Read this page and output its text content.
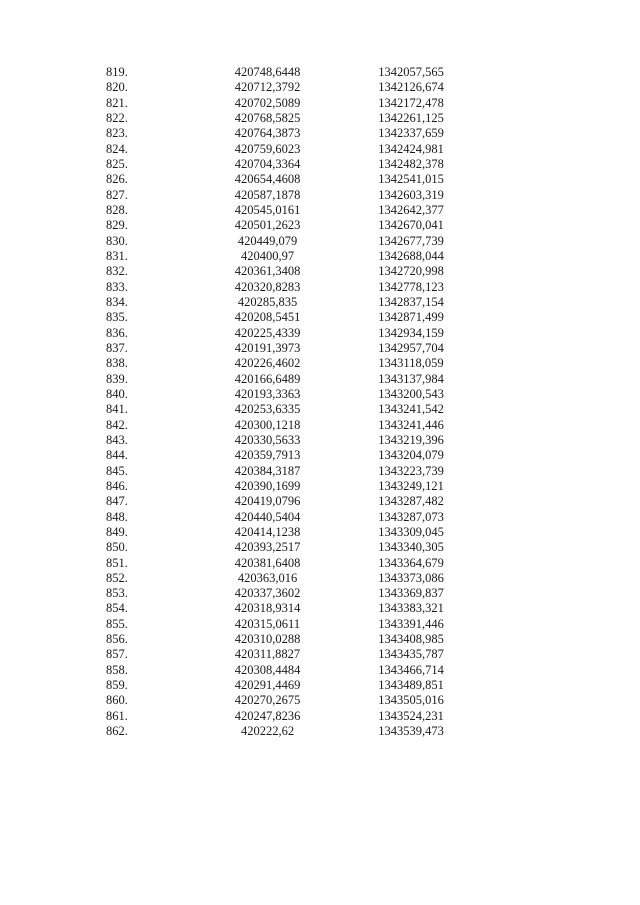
819.	420748,6448	1342057,565
820.	420712,3792	1342126,674
821.	420702,5089	1342172,478
822.	420768,5825	1342261,125
823.	420764,3873	1342337,659
824.	420759,6023	1342424,981
825.	420704,3364	1342482,378
826.	420654,4608	1342541,015
827.	420587,1878	1342603,319
828.	420545,0161	1342642,377
829.	420501,2623	1342670,041
830.	420449,079	1342677,739
831.	420400,97	1342688,044
832.	420361,3408	1342720,998
833.	420320,8283	1342778,123
834.	420285,835	1342837,154
835.	420208,5451	1342871,499
836.	420225,4339	1342934,159
837.	420191,3973	1342957,704
838.	420226,4602	1343118,059
839.	420166,6489	1343137,984
840.	420193,3363	1343200,543
841.	420253,6335	1343241,542
842.	420300,1218	1343241,446
843.	420330,5633	1343219,396
844.	420359,7913	1343204,079
845.	420384,3187	1343223,739
846.	420390,1699	1343249,121
847.	420419,0796	1343287,482
848.	420440,5404	1343287,073
849.	420414,1238	1343309,045
850.	420393,2517	1343340,305
851.	420381,6408	1343364,679
852.	420363,016	1343373,086
853.	420337,3602	1343369,837
854.	420318,9314	1343383,321
855.	420315,0611	1343391,446
856.	420310,0288	1343408,985
857.	420311,8827	1343435,787
858.	420308,4484	1343466,714
859.	420291,4469	1343489,851
860.	420270,2675	1343505,016
861.	420247,8236	1343524,231
862.	420222,62	1343539,473
